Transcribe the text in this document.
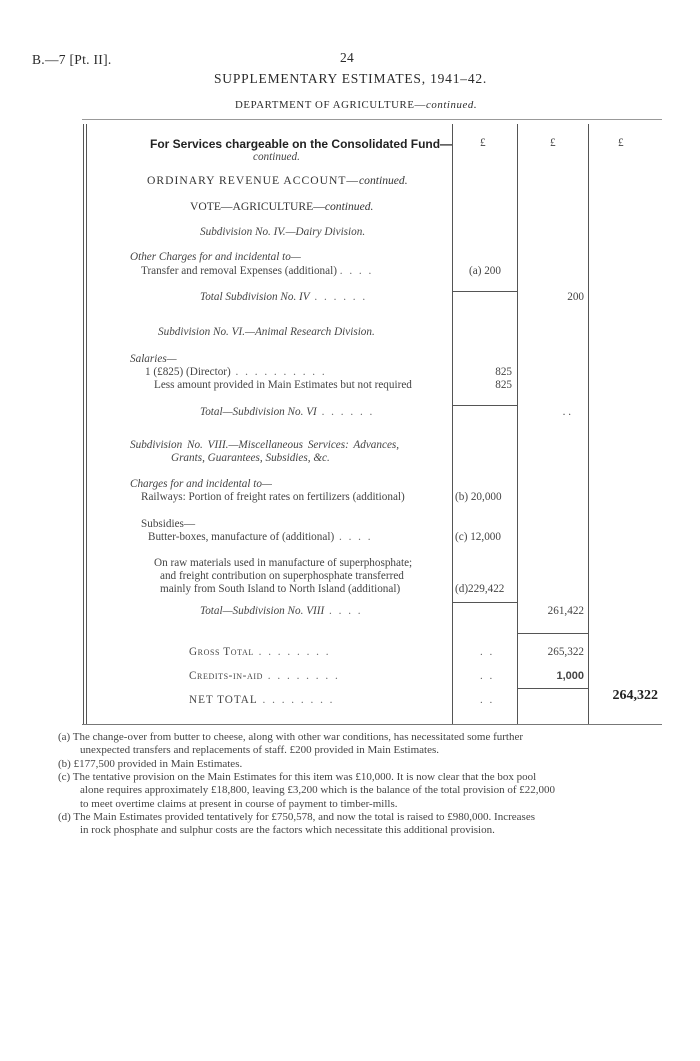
B.—7 [Pt. II].	24
SUPPLEMENTARY ESTIMATES, 1941–42.
DEPARTMENT OF AGRICULTURE—continued.
£	£	£
For Services chargeable on the Consolidated Fund—
continued.
ORDINARY REVENUE ACCOUNT—continued.
VOTE—AGRICULTURE—continued.
Subdivision No. IV.—Dairy Division.
Other Charges for and incidental to—
Transfer and removal Expenses (additional) . . . .	(a) 200
Total Subdivision No. IV . . . . . .	200
Subdivision No. VI.—Animal Research Division.
Salaries—
1 (£825) (Director) . . . . . . . . . .	825
Less amount provided in Main Estimates but not required	825
Total—Subdivision No. VI . . . . . .	. .
Subdivision No. VIII.—Miscellaneous Services: Advances,
Grants, Guarantees, Subsidies, &c.
Charges for and incidental to—
Railways: Portion of freight rates on fertilizers (additional)	(b) 20,000
Subsidies—
Butter-boxes, manufacture of (additional) . . . .	(c) 12,000
On raw materials used in manufacture of superphosphate;
and freight contribution on superphosphate transferred
mainly from South Island to North Island (additional)	(d)229,422
Total—Subdivision No. VIII . . . .	261,422
Gross Total . . . . . . . .	. .	265,322
Credits-in-aid . . . . . . . .	. .	1,000
NET TOTAL . . . . . . . .	. .	264,322
(a) The change-over from butter to cheese, along with other war conditions, has necessitated some further
unexpected transfers and replacements of staff. £200 provided in Main Estimates.
(b) £177,500 provided in Main Estimates.
(c) The tentative provision on the Main Estimates for this item was £10,000. It is now clear that the box pool
alone requires approximately £18,800, leaving £3,200 which is the balance of the total provision of £22,000
to meet overtime claims at present in course of payment to timber-mills.
(d) The Main Estimates provided tentatively for £750,578, and now the total is raised to £980,000. Increases
in rock phosphate and sulphur costs are the factors which necessitate this additional provision.
